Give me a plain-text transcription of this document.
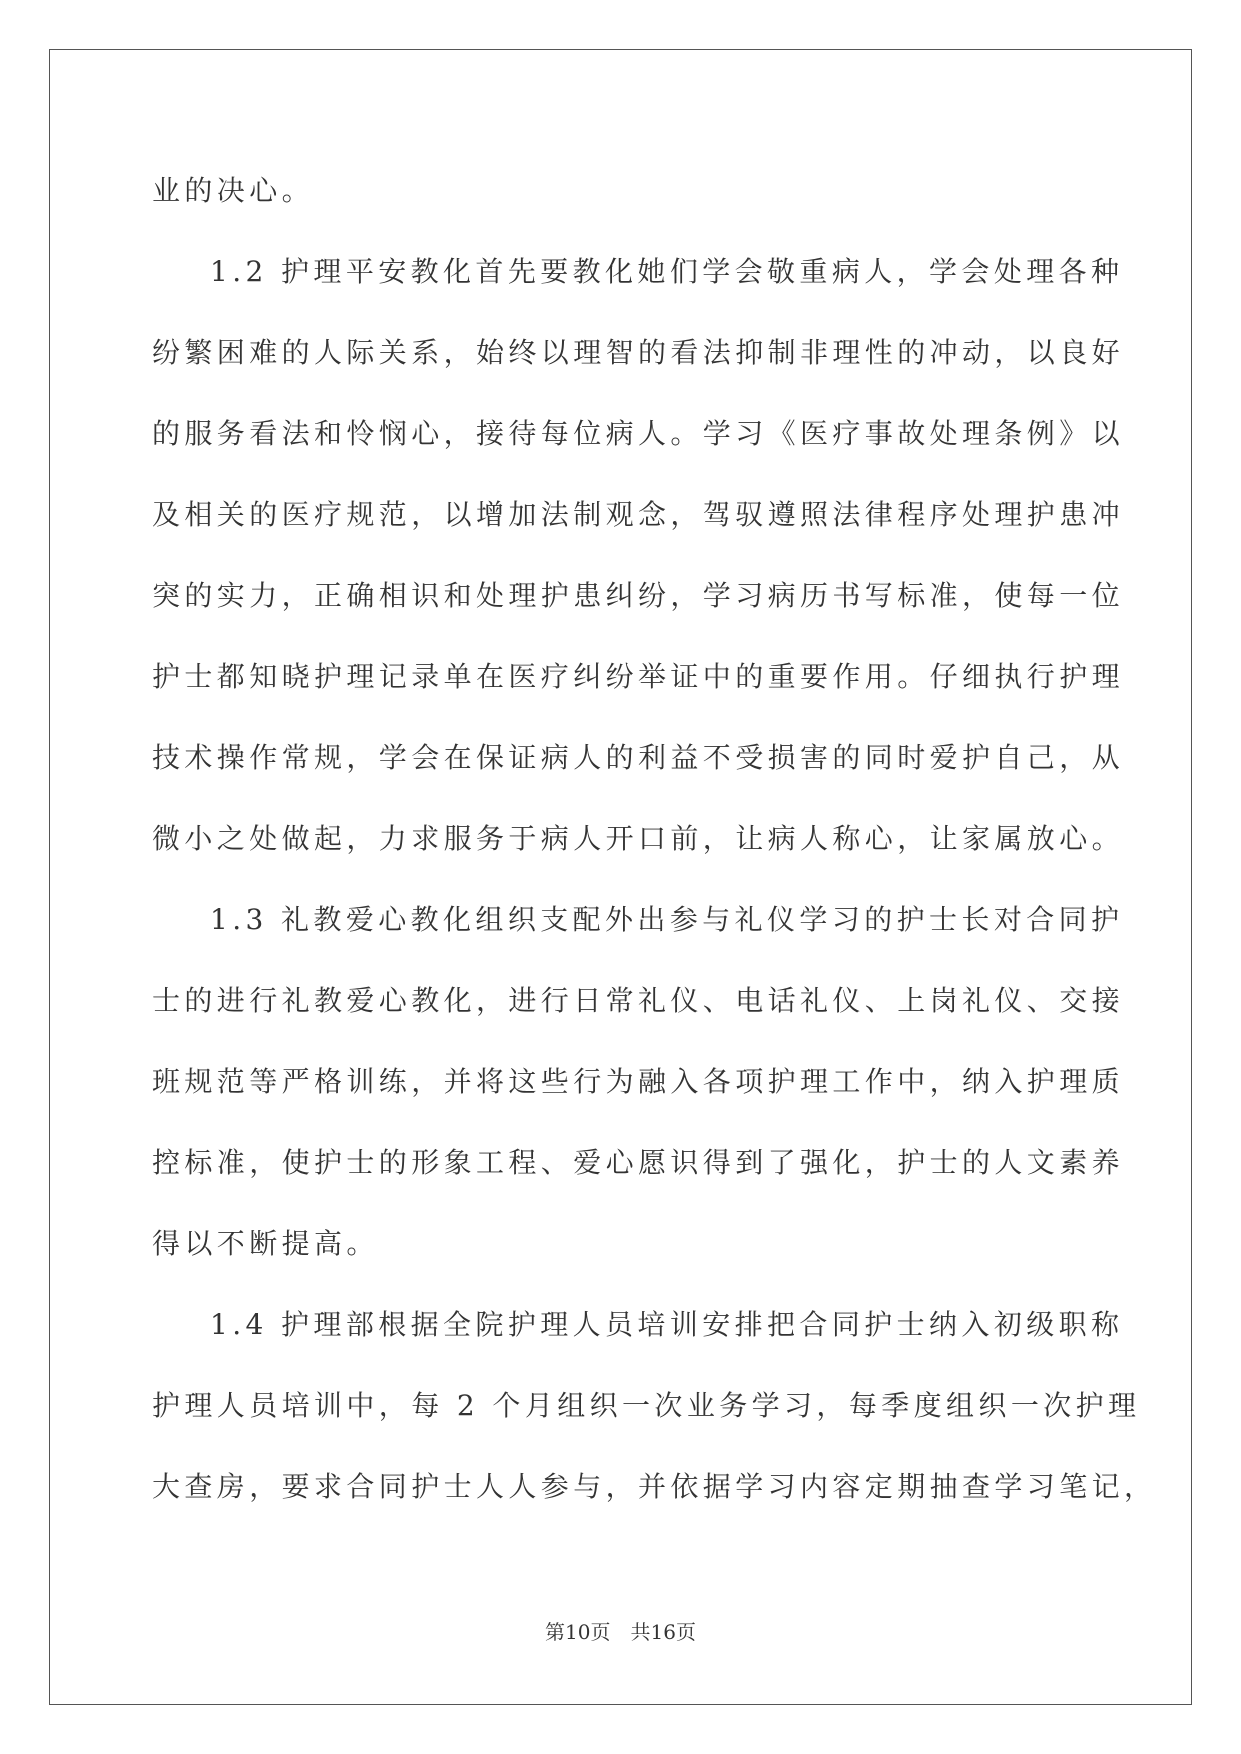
业的决心。
1.2 护理平安教化首先要教化她们学会敬重病人，学会处理各种
纷繁困难的人际关系，始终以理智的看法抑制非理性的冲动，以良好
的服务看法和怜悯心，接待每位病人。学习《医疗事故处理条例》以
及相关的医疗规范，以增加法制观念，驾驭遵照法律程序处理护患冲
突的实力，正确相识和处理护患纠纷，学习病历书写标准，使每一位
护士都知晓护理记录单在医疗纠纷举证中的重要作用。仔细执行护理
技术操作常规，学会在保证病人的利益不受损害的同时爱护自己，从
微小之处做起，力求服务于病人开口前，让病人称心，让家属放心。
1.3 礼教爱心教化组织支配外出参与礼仪学习的护士长对合同护
士的进行礼教爱心教化，进行日常礼仪、电话礼仪、上岗礼仪、交接
班规范等严格训练，并将这些行为融入各项护理工作中，纳入护理质
控标准，使护士的形象工程、爱心愿识得到了强化，护士的人文素养
得以不断提高。
1.4 护理部根据全院护理人员培训安排把合同护士纳入初级职称
护理人员培训中，每 2 个月组织一次业务学习，每季度组织一次护理
大查房，要求合同护士人人参与，并依据学习内容定期抽查学习笔记，
第10页 共16页
